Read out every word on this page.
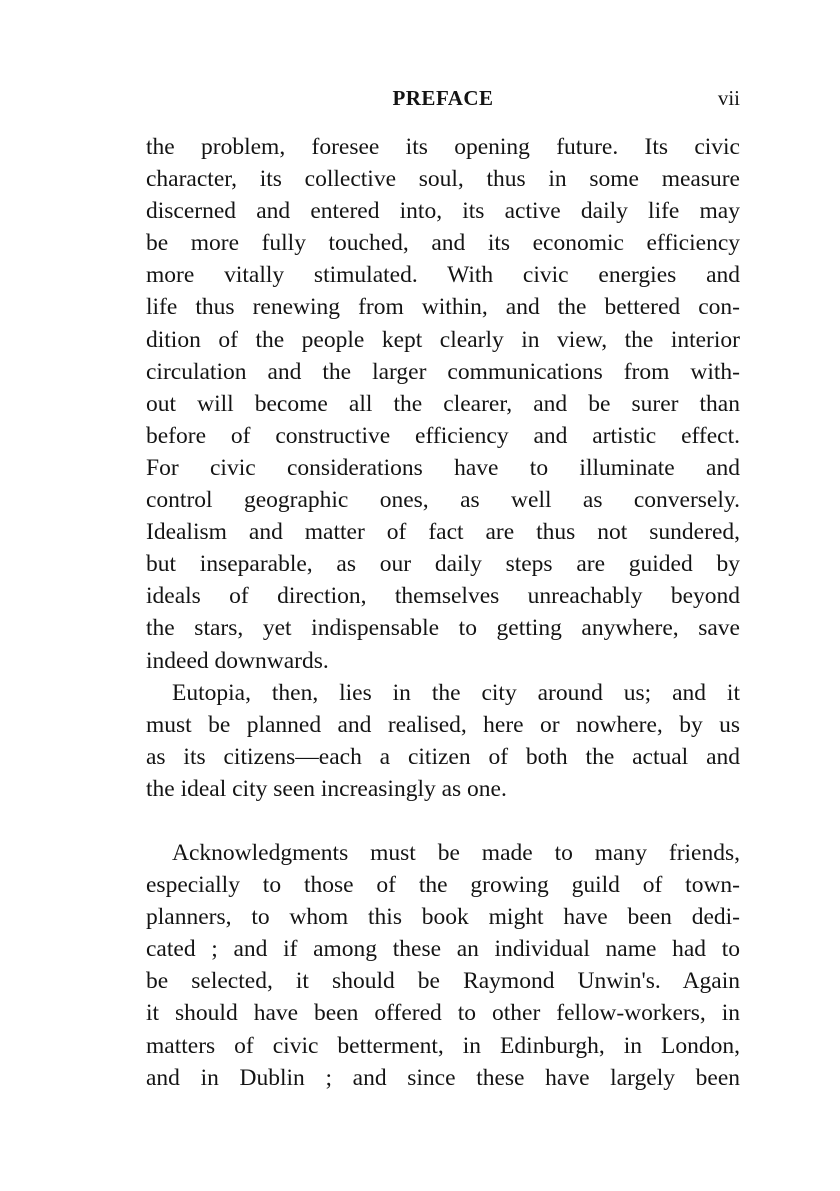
PREFACE	vii
the problem, foresee its opening future. Its civic
character, its collective soul, thus in some measure
discerned and entered into, its active daily life may
be more fully touched, and its economic efficiency
more vitally stimulated. With civic energies and
life thus renewing from within, and the bettered con-
dition of the people kept clearly in view, the interior
circulation and the larger communications from with-
out will become all the clearer, and be surer than
before of constructive efficiency and artistic effect.
For civic considerations have to illuminate and
control geographic ones, as well as conversely.
Idealism and matter of fact are thus not sundered,
but inseparable, as our daily steps are guided by
ideals of direction, themselves unreachably beyond
the stars, yet indispensable to getting anywhere, save
indeed downwards.
Eutopia, then, lies in the city around us; and it
must be planned and realised, here or nowhere, by us
as its citizens—each a citizen of both the actual and
the ideal city seen increasingly as one.
Acknowledgments must be made to many friends,
especially to those of the growing guild of town-
planners, to whom this book might have been dedi-
cated ; and if among these an individual name had to
be selected, it should be Raymond Unwin's. Again
it should have been offered to other fellow-workers, in
matters of civic betterment, in Edinburgh, in London,
and in Dublin ; and since these have largely been
